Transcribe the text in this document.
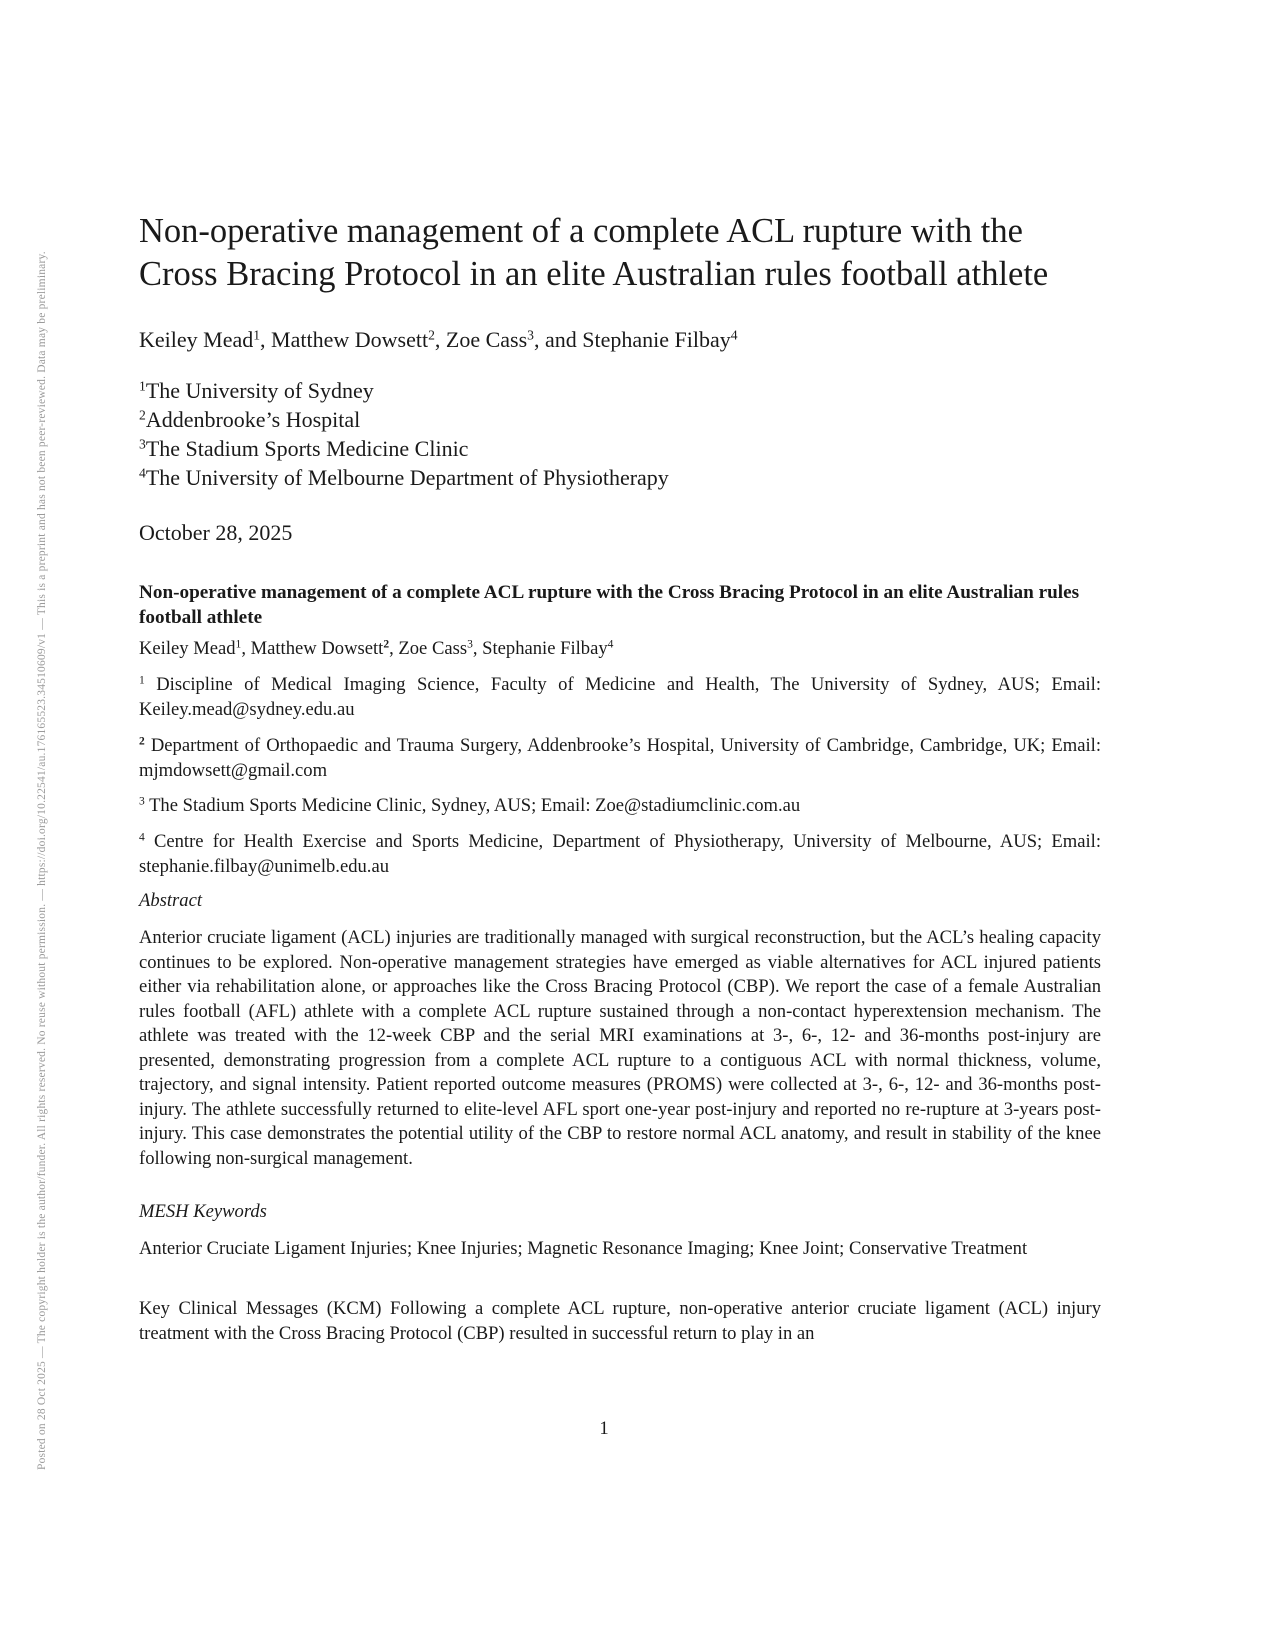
Posted on 28 Oct 2025 — The copyright holder is the author/funder. All rights reserved. No reuse without permission. — https://doi.org/10.22541/au.176165523.34510609/v1 — This is a preprint and has not been peer-reviewed. Data may be preliminary.
Non-operative management of a complete ACL rupture with the
Cross Bracing Protocol in an elite Australian rules football athlete
Keiley Mead$^1$, Matthew Dowsett$^2$, Zoe Cass$^3$, and Stephanie Filbay$^4$
$^1$The University of Sydney
$^2$Addenbrooke’s Hospital
$^3$The Stadium Sports Medicine Clinic
$^4$The University of Melbourne Department of Physiotherapy
October 28, 2025

Non-operative management of a complete ACL rupture with the Cross Bracing Protocol in an elite Australian rules football athlete

Keiley Mead$^1$, Matthew Dowsett$^2$, Zoe Cass$^3$, Stephanie Filbay$^4$

$^1$ Discipline of Medical Imaging Science, Faculty of Medicine and Health, The University of Sydney, AUS; Email: Keiley.mead@sydney.edu.au

$^2$ Department of Orthopaedic and Trauma Surgery, Addenbrooke’s Hospital, University of Cambridge, Cambridge, UK; Email: mjmdowsett@gmail.com

$^3$ The Stadium Sports Medicine Clinic, Sydney, AUS; Email: Zoe@stadiumclinic.com.au

$^4$ Centre for Health Exercise and Sports Medicine, Department of Physiotherapy, University of Melbourne, AUS; Email: stephanie.filbay@unimelb.edu.au

Abstract

Anterior cruciate ligament (ACL) injuries are traditionally managed with surgical reconstruction, but the ACL’s healing capacity continues to be explored. Non-operative management strategies have emerged as viable alternatives for ACL injured patients either via rehabilitation alone, or approaches like the Cross Bracing Protocol (CBP). We report the case of a female Australian rules football (AFL) athlete with a complete ACL rupture sustained through a non-contact hyperextension mechanism. The athlete was treated with the 12-week CBP and the serial MRI examinations at 3-, 6-, 12- and 36-months post-injury are presented, demonstrating progression from a complete ACL rupture to a contiguous ACL with normal thickness, volume, trajectory, and signal intensity. Patient reported outcome measures (PROMS) were collected at 3-, 6-, 12- and 36-months post-injury. The athlete successfully returned to elite-level AFL sport one-year post-injury and reported no re-rupture at 3-years post-injury. This case demonstrates the potential utility of the CBP to restore normal ACL anatomy, and result in stability of the knee following non-surgical management.

MESH Keywords

Anterior Cruciate Ligament Injuries; Knee Injuries; Magnetic Resonance Imaging; Knee Joint; Conservative Treatment

Key Clinical Messages (KCM) Following a complete ACL rupture, non-operative anterior cruciate ligament (ACL) injury treatment with the Cross Bracing Protocol (CBP) resulted in successful return to play in an

1
